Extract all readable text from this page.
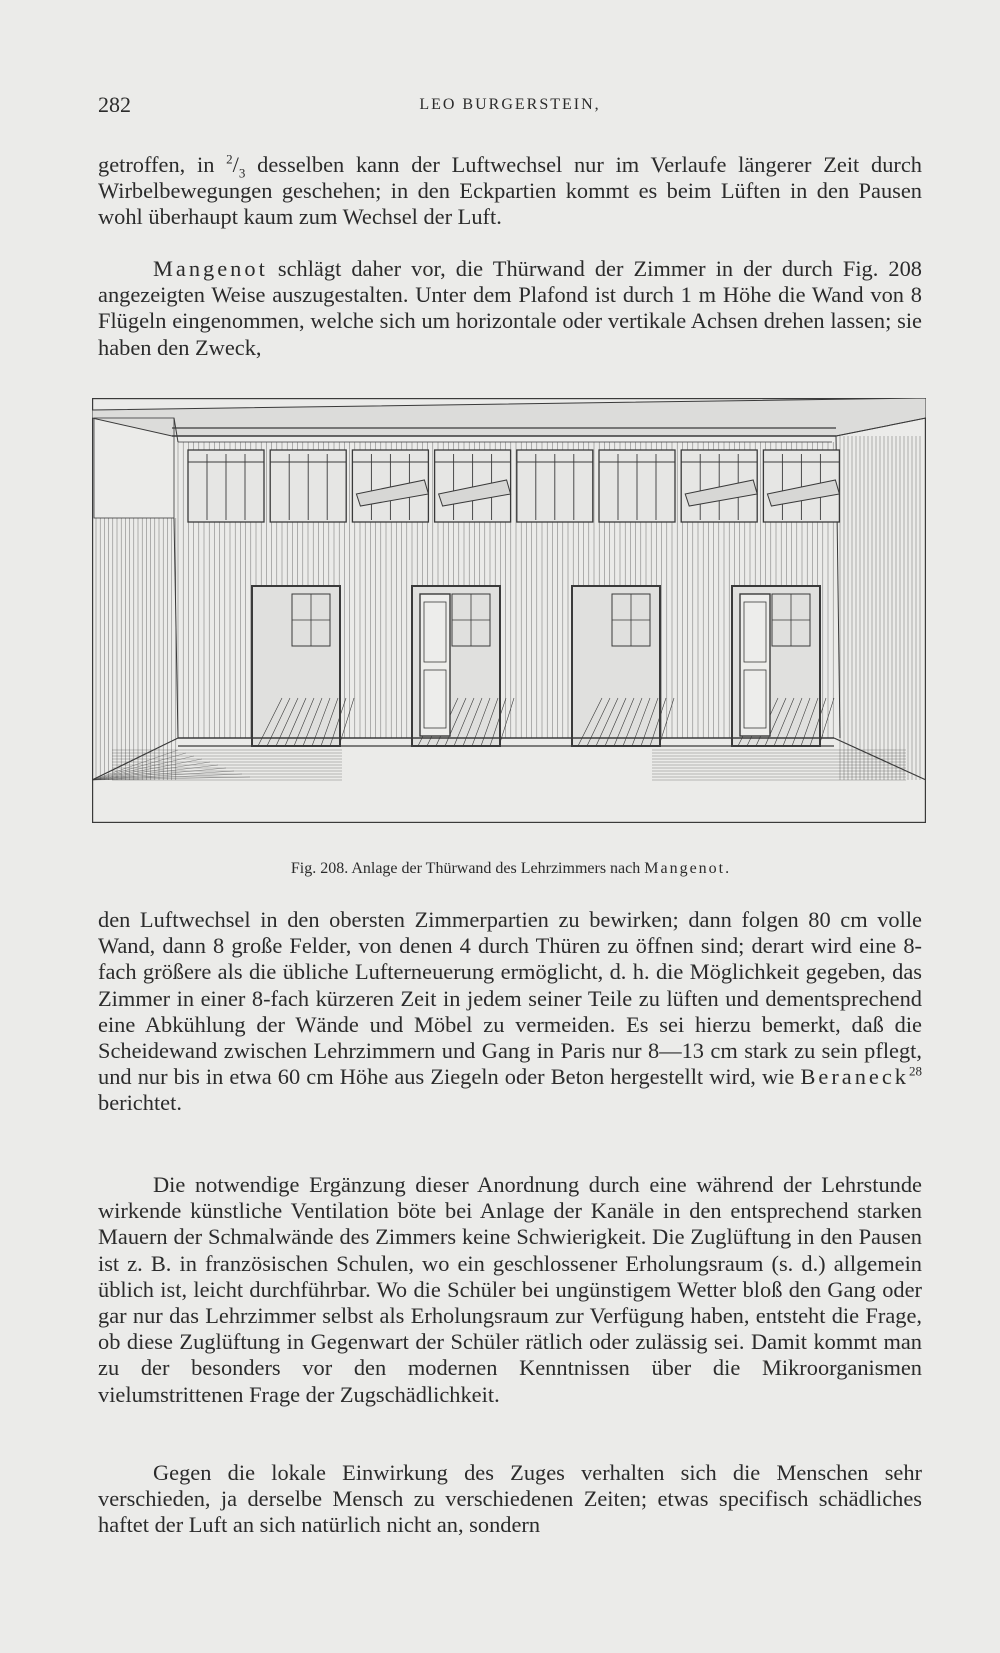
282	LEO BURGERSTEIN,

getroffen, in $^2/_3$ desselben kann der Luftwechsel nur im Verlaufe längerer Zeit durch Wirbelbewegungen geschehen; in den Eckpartien kommt es beim Lüften in den Pausen wohl überhaupt kaum zum Wechsel der Luft.

Mangenot schlägt daher vor, die Thürwand der Zimmer in der durch Fig. 208 angezeigten Weise auszugestalten. Unter dem Plafond ist durch 1 m Höhe die Wand von 8 Flügeln eingenommen, welche sich um horizontale oder vertikale Achsen drehen lassen; sie haben den Zweck,

Fig. 208. Anlage der Thürwand des Lehrzimmers nach Mangenot.

den Luftwechsel in den obersten Zimmerpartien zu bewirken; dann folgen 80 cm volle Wand, dann 8 große Felder, von denen 4 durch Thüren zu öffnen sind; derart wird eine 8-fach größere als die übliche Lufterneuerung ermöglicht, d. h. die Möglichkeit gegeben, das Zimmer in einer 8-fach kürzeren Zeit in jedem seiner Teile zu lüften und dementsprechend eine Abkühlung der Wände und Möbel zu vermeiden. Es sei hierzu bemerkt, daß die Scheidewand zwischen Lehrzimmern und Gang in Paris nur 8—13 cm stark zu sein pflegt, und nur bis in etwa 60 cm Höhe aus Ziegeln oder Beton hergestellt wird, wie Beraneck$^{28}$ berichtet.

Die notwendige Ergänzung dieser Anordnung durch eine während der Lehrstunde wirkende künstliche Ventilation böte bei Anlage der Kanäle in den entsprechend starken Mauern der Schmalwände des Zimmers keine Schwierigkeit. Die Zuglüftung in den Pausen ist z. B. in französischen Schulen, wo ein geschlossener Erholungsraum (s. d.) allgemein üblich ist, leicht durchführbar. Wo die Schüler bei ungünstigem Wetter bloß den Gang oder gar nur das Lehrzimmer selbst als Erholungsraum zur Verfügung haben, entsteht die Frage, ob diese Zuglüftung in Gegenwart der Schüler rätlich oder zulässig sei. Damit kommt man zu der besonders vor den modernen Kenntnissen über die Mikroorganismen vielumstrittenen Frage der Zugschädlichkeit.

Gegen die lokale Einwirkung des Zuges verhalten sich die Menschen sehr verschieden, ja derselbe Mensch zu verschiedenen Zeiten; etwas specifisch schädliches haftet der Luft an sich natürlich nicht an, sondern
